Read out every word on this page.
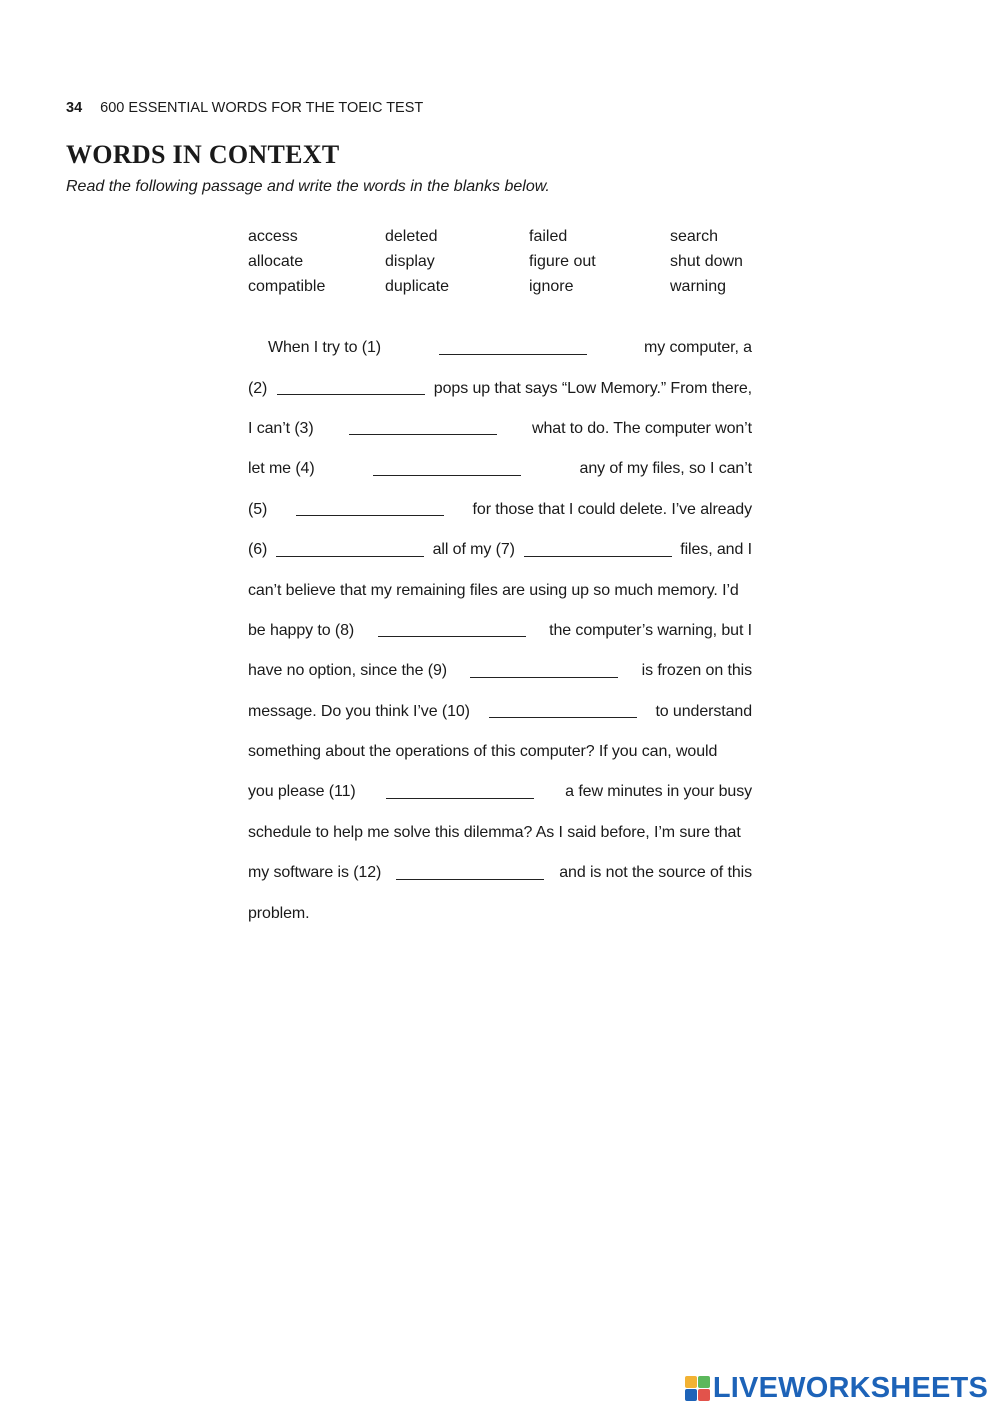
34 600 ESSENTIAL WORDS FOR THE TOEIC TEST
WORDS IN CONTEXT
Read the following passage and write the words in the blanks below.
access	deleted	failed	search
allocate	display	figure out	shut down
compatible	duplicate	ignore	warning
When I try to (1)	my computer, a
(2)	pops up that says “Low Memory.” From there,
I can’t (3)	what to do. The computer won’t
let me (4)	any of my files, so I can’t
(5)	for those that I could delete. I’ve already
(6)	all of my (7)	files, and I
can’t believe that my remaining files are using up so much memory. I’d
be happy to (8)	the computer’s warning, but I
have no option, since the (9)	is frozen on this
message. Do you think I’ve (10)	to understand
something about the operations of this computer? If you can, would
you please (11)	a few minutes in your busy
schedule to help me solve this dilemma? As I said before, I’m sure that
my software is (12)	and is not the source of this
problem.
LIVEWORKSHEETS
